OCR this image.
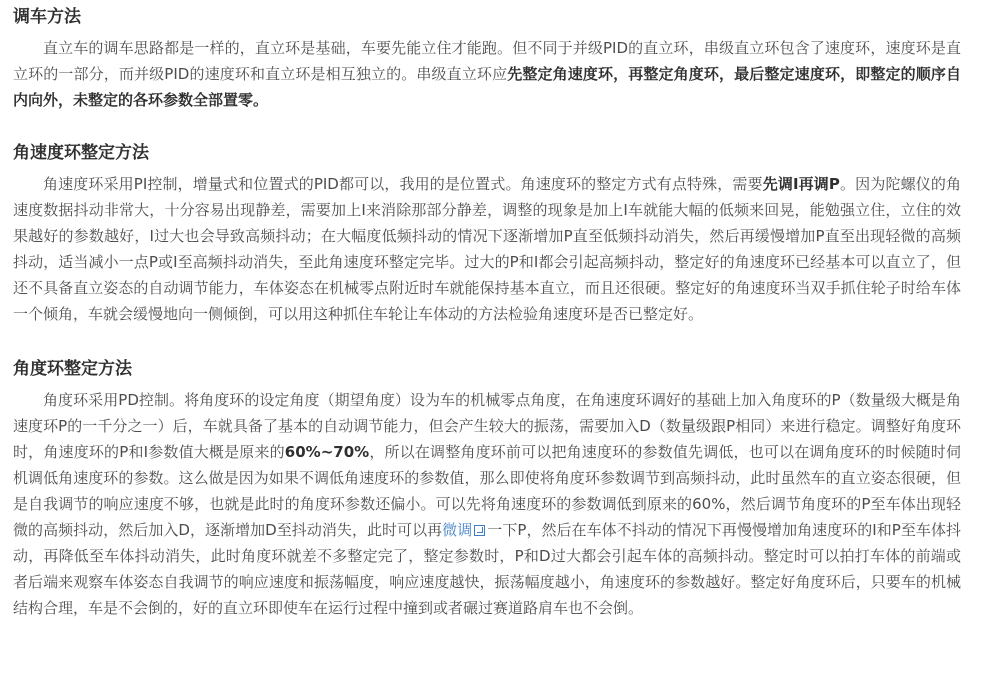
调车方法

直立车的调车思路都是一样的，直立环是基础，车要先能立住才能跑。但不同于并级PID的直立环，串级直立环包含了速度环，速度环是直立环的一部分，而并级PID的速度环和直立环是相互独立的。串级直立环应先整定角速度环，再整定角度环，最后整定速度环，即整定的顺序自内向外，未整定的各环参数全部置零。

角速度环整定方法

角速度环采用PI控制，增量式和位置式的PID都可以，我用的是位置式。角速度环的整定方式有点特殊，需要先调I再调P。因为陀螺仪的角速度数据抖动非常大，十分容易出现静差，需要加上I来消除那部分静差，调整的现象是加上I车就能大幅的低频来回晃，能勉强立住，立住的效果越好的参数越好，I过大也会导致高频抖动；在大幅度低频抖动的情况下逐渐增加P直至低频抖动消失，然后再缓慢增加P直至出现轻微的高频抖动，适当减小一点P或I至高频抖动消失，至此角速度环整定完毕。过大的P和I都会引起高频抖动，整定好的角速度环已经基本可以直立了，但还不具备直立姿态的自动调节能力，车体姿态在机械零点附近时车就能保持基本直立，而且还很硬。整定好的角速度环当双手抓住轮子时给车体一个倾角，车就会缓慢地向一侧倾倒，可以用这种抓住车轮让车体动的方法检验角速度环是否已整定好。

角度环整定方法

角度环采用PD控制。将角度环的设定角度（期望角度）设为车的机械零点角度，在角速度环调好的基础上加入角度环的P（数量级大概是角速度环P的一千分之一）后，车就具备了基本的自动调节能力，但会产生较大的振荡，需要加入D（数量级跟P相同）来进行稳定。调整好角度环时，角速度环的P和I参数值大概是原来的60%~70%，所以在调整角度环前可以把角速度环的参数值先调低，也可以在调角度环的时候随时伺机调低角速度环的参数。这么做是因为如果不调低角速度环的参数值，那么即使将角度环参数调节到高频抖动，此时虽然车的直立姿态很硬，但是自我调节的响应速度不够，也就是此时的角度环参数还偏小。可以先将角速度环的参数调低到原来的60%，然后调节角度环的P至车体出现轻微的高频抖动，然后加入D，逐渐增加D至抖动消失，此时可以再微调 一下P，然后在车体不抖动的情况下再慢慢增加角速度环的I和P至车体抖动，再降低至车体抖动消失，此时角度环就差不多整定完了，整定参数时，P和D过大都会引起车体的高频抖动。整定时可以拍打车体的前端或者后端来观察车体姿态自我调节的响应速度和振荡幅度，响应速度越快，振荡幅度越小，角速度环的参数越好。整定好角度环后，只要车的机械结构合理，车是不会倒的，好的直立环即使车在运行过程中撞到或者碾过赛道路肩车也不会倒。
